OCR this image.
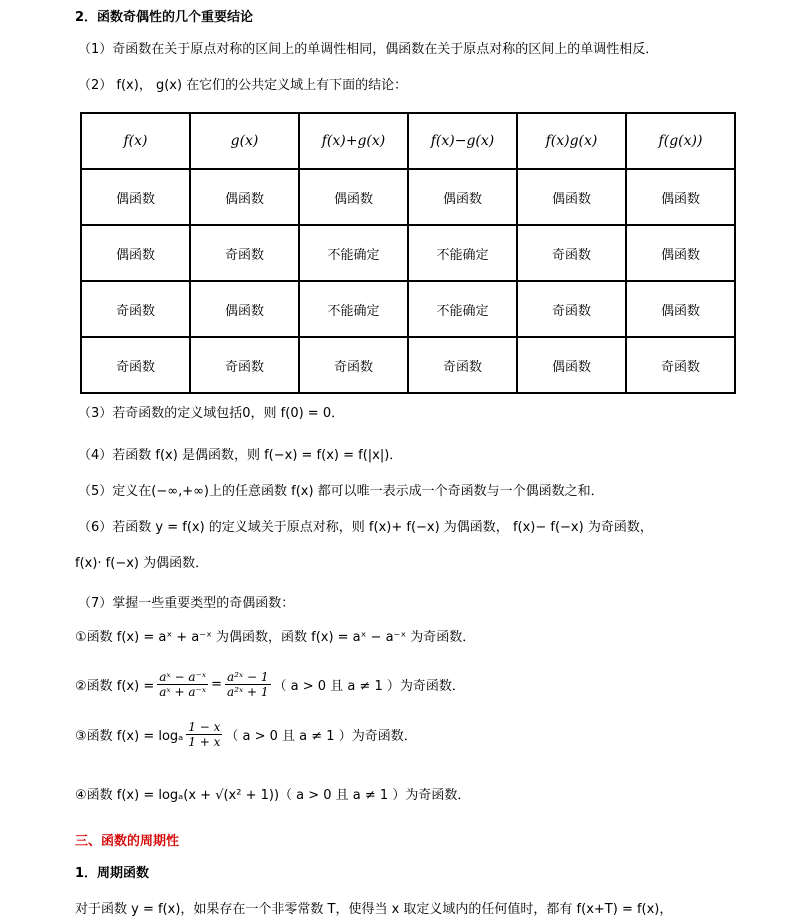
2．函数奇偶性的几个重要结论
（1）奇函数在关于原点对称的区间上的单调性相同，偶函数在关于原点对称的区间上的单调性相反．
（2） f(x)， g(x) 在它们的公共定义域上有下面的结论：
f(x)	g(x)	f(x)+g(x)	f(x)−g(x)	f(x)g(x)	f(g(x))
偶函数	偶函数	偶函数	偶函数	偶函数	偶函数
偶函数	奇函数	不能确定	不能确定	奇函数	偶函数
奇函数	偶函数	不能确定	不能确定	奇函数	偶函数
奇函数	奇函数	奇函数	奇函数	偶函数	奇函数
（3）若奇函数的定义域包括0，则 f(0) = 0．
（4）若函数 f(x) 是偶函数，则 f(−x) = f(x) = f(|x|)．
（5）定义在(−∞,+∞)上的任意函数 f(x) 都可以唯一表示成一个奇函数与一个偶函数之和．
（6）若函数 y = f(x) 的定义域关于原点对称，则 f(x)+ f(−x) 为偶函数， f(x)− f(−x) 为奇函数，
f(x)· f(−x) 为偶函数．
（7）掌握一些重要类型的奇偶函数：
①函数 f(x) = aˣ + a⁻ˣ 为偶函数，函数 f(x) = aˣ − a⁻ˣ 为奇函数．
②函数 $f(x) = \frac{\text{aˣ − a⁻ˣ}}{\text{aˣ + a⁻ˣ}} = \frac{\text{a²ˣ − 1}}{\text{a²ˣ + 1}}$ （ a > 0 且 a ≠ 1 ）为奇函数．
③函数 f(x) = logₐ $\frac{1 - x}{1 + x}$ （ a > 0 且 a ≠ 1 ）为奇函数．
④函数 f(x) = logₐ(x + √(x² + 1))（ a > 0 且 a ≠ 1 ）为奇函数．
三、函数的周期性
1．周期函数
对于函数 y = f(x)，如果存在一个非零常数 T，使得当 x 取定义域内的任何值时，都有 f(x+T) = f(x)，
